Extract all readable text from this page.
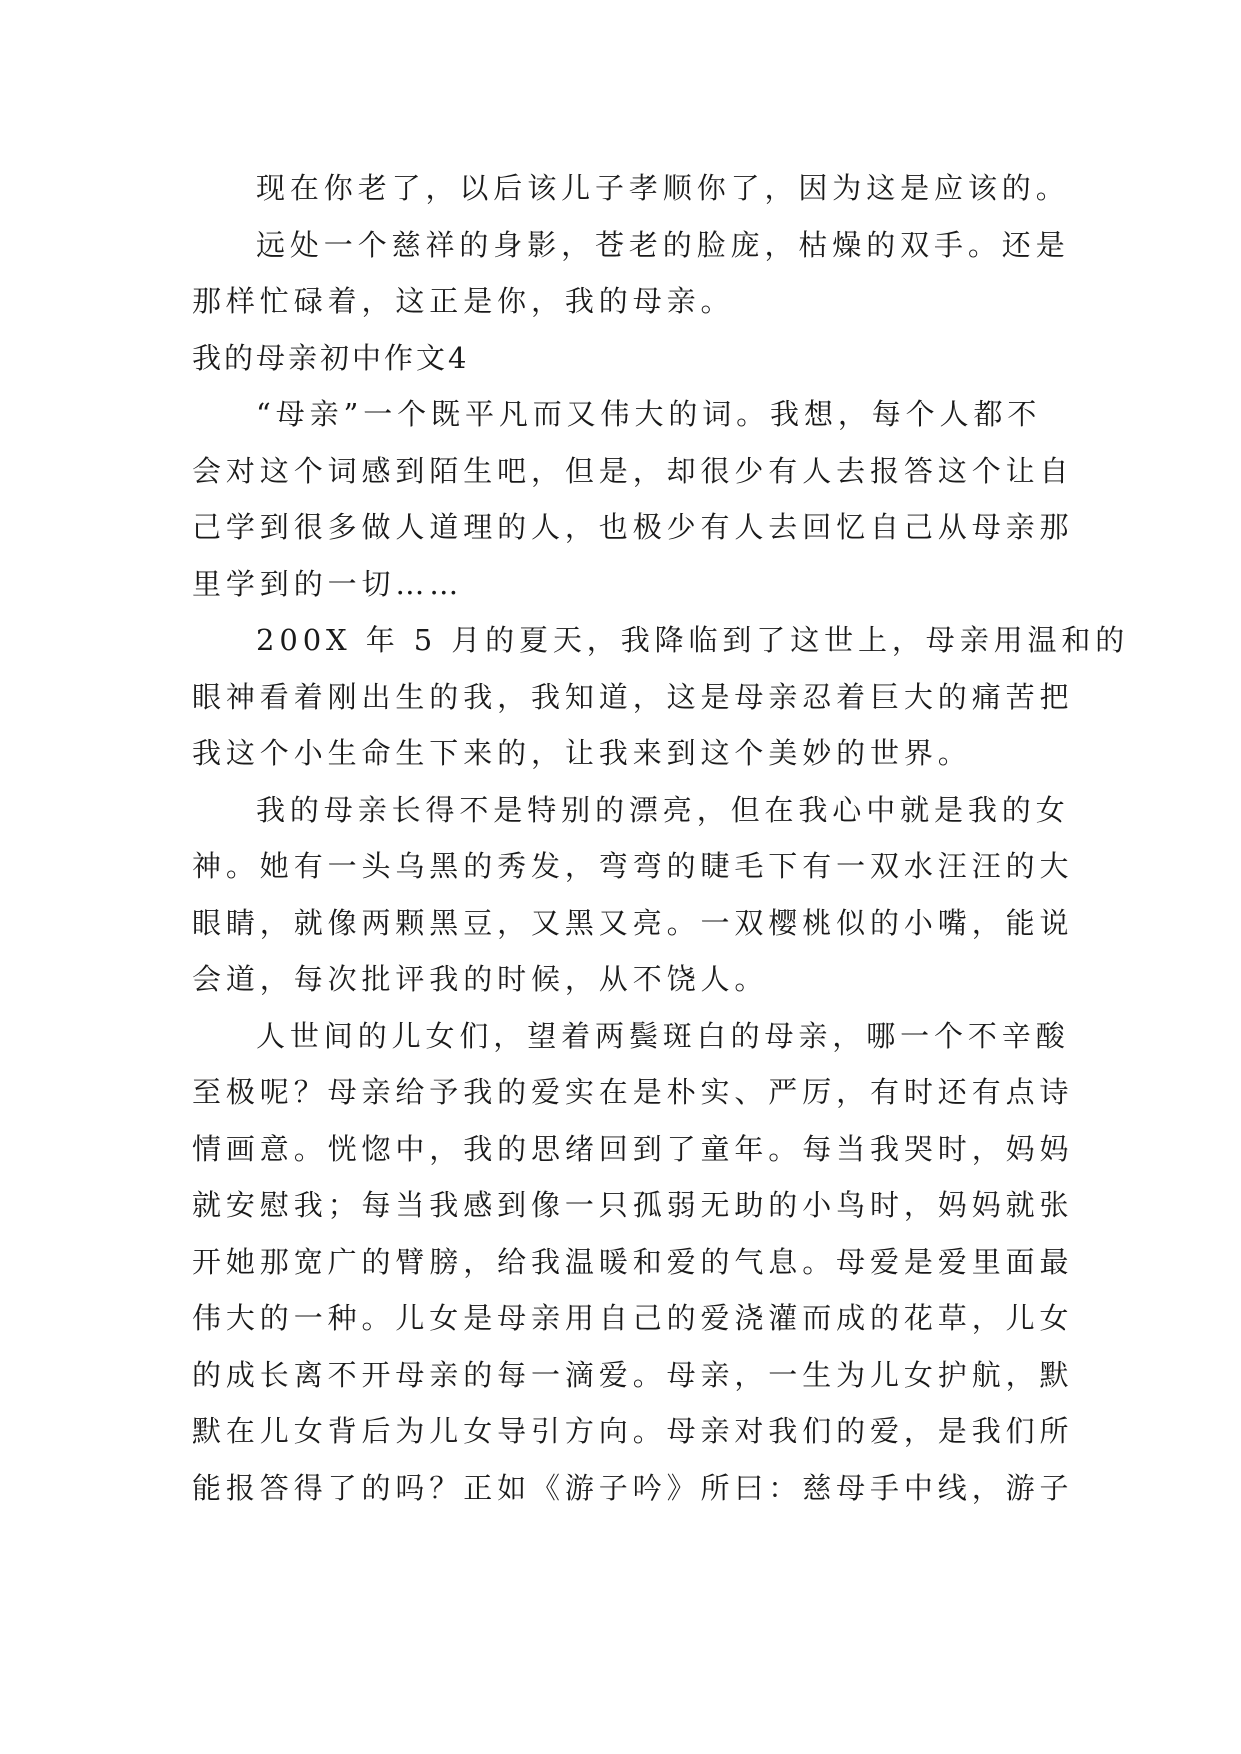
现在你老了，以后该儿子孝顺你了，因为这是应该的。
远处一个慈祥的身影，苍老的脸庞，枯燥的双手。还是
那样忙碌着，这正是你，我的母亲。
我的母亲初中作文4
“母亲”一个既平凡而又伟大的词。我想，每个人都不
会对这个词感到陌生吧，但是，却很少有人去报答这个让自
己学到很多做人道理的人，也极少有人去回忆自己从母亲那
里学到的一切……
200X 年 5 月的夏天，我降临到了这世上，母亲用温和的
眼神看着刚出生的我，我知道，这是母亲忍着巨大的痛苦把
我这个小生命生下来的，让我来到这个美妙的世界。
我的母亲长得不是特别的漂亮，但在我心中就是我的女
神。她有一头乌黑的秀发，弯弯的睫毛下有一双水汪汪的大
眼睛，就像两颗黑豆，又黑又亮。一双樱桃似的小嘴，能说
会道，每次批评我的时候，从不饶人。
人世间的儿女们，望着两鬓斑白的母亲，哪一个不辛酸
至极呢？母亲给予我的爱实在是朴实、严厉，有时还有点诗
情画意。恍惚中，我的思绪回到了童年。每当我哭时，妈妈
就安慰我；每当我感到像一只孤弱无助的小鸟时，妈妈就张
开她那宽广的臂膀，给我温暖和爱的气息。母爱是爱里面最
伟大的一种。儿女是母亲用自己的爱浇灌而成的花草，儿女
的成长离不开母亲的每一滴爱。母亲，一生为儿女护航，默
默在儿女背后为儿女导引方向。母亲对我们的爱，是我们所
能报答得了的吗？正如《游子吟》所曰：慈母手中线，游子
